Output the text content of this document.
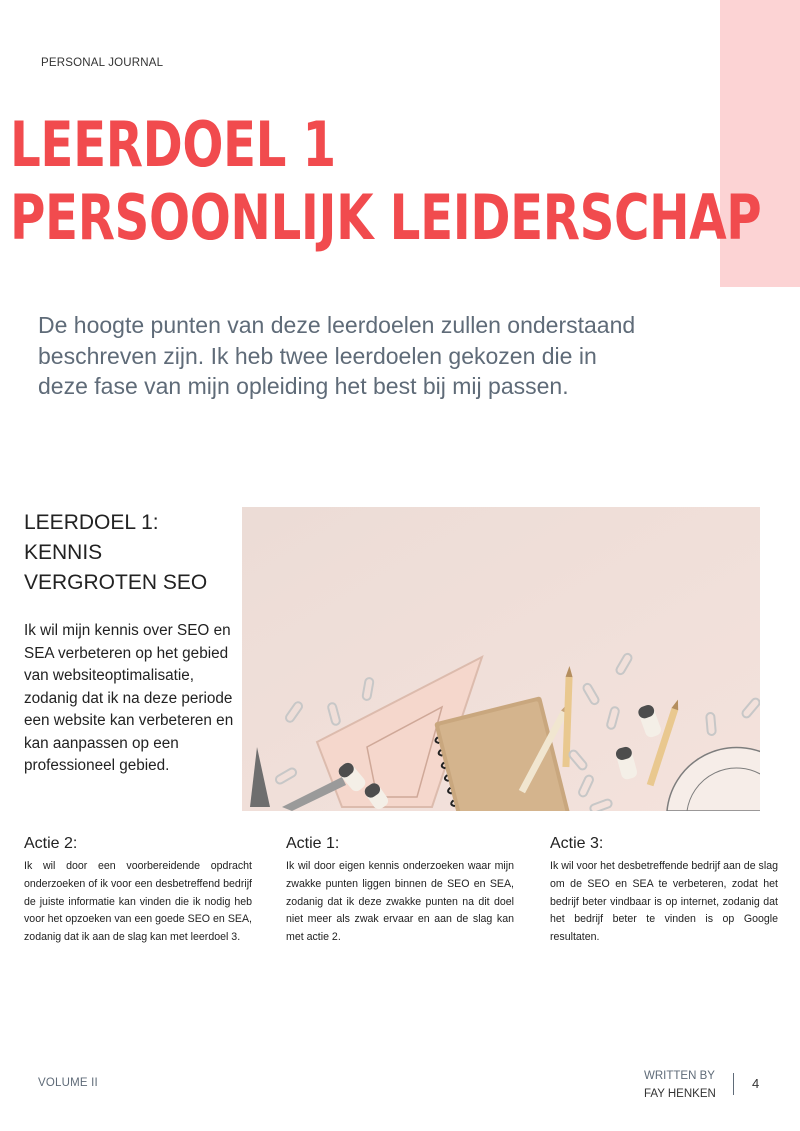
PERSONAL JOURNAL
LEERDOEL 1
PERSOONLIJK LEIDERSCHAP
De hoogte punten van deze leerdoelen zullen onderstaand beschreven zijn. Ik heb twee leerdoelen gekozen die in deze fase van mijn opleiding het best bij mij passen.
LEERDOEL 1:
KENNIS
VERGROTEN SEO
Ik wil mijn kennis over SEO en SEA verbeteren op het gebied van websiteoptimalisatie, zodanig dat ik na deze periode een website kan verbeteren en kan aanpassen op een professioneel gebied.
Actie 2:
Ik wil door een voorbereidende opdracht onderzoeken of ik voor een desbetreffend bedrijf de juiste informatie kan vinden die ik nodig heb voor het opzoeken van een goede SEO en SEA, zodanig dat ik aan de slag kan met leerdoel 3.
Actie 1:
Ik wil door eigen kennis onderzoeken waar mijn zwakke punten liggen binnen de SEO en SEA, zodanig dat ik deze zwakke punten na dit doel niet meer als zwak ervaar en aan de slag kan met actie 2.
Actie 3:
Ik wil voor het desbetreffende bedrijf aan de slag om de SEO en SEA te verbeteren, zodat het bedrijf beter vindbaar is op internet, zodanig dat het bedrijf beter te vinden is op Google resultaten.
VOLUME II
WRITTEN BY
FAY HENKEN
4
